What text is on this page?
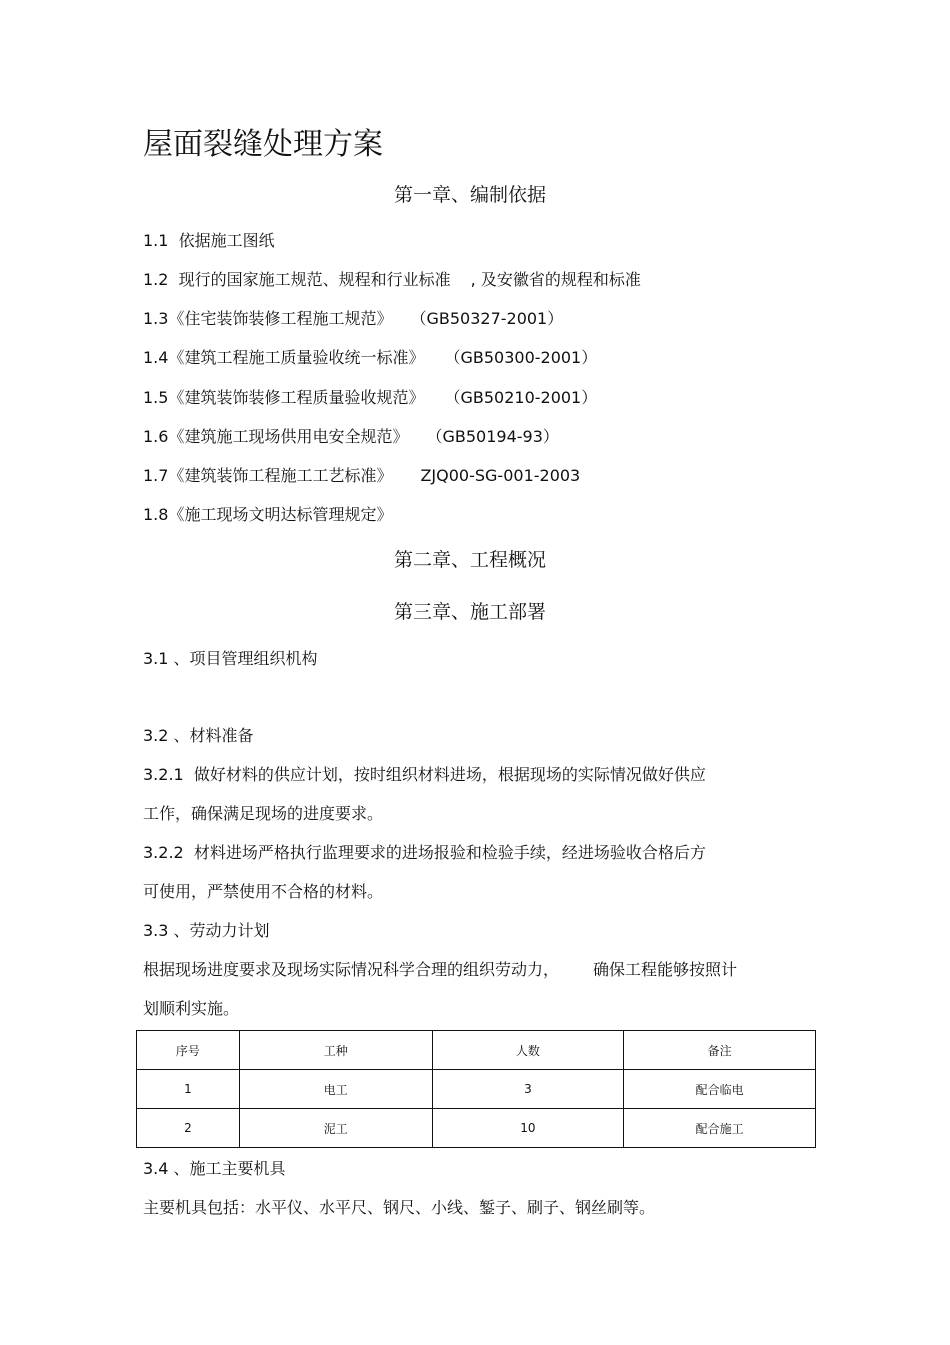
屋面裂缝处理方案
第一章、编制依据
1.1 依据施工图纸
1.2 现行的国家施工规范、规程和行业标准 , 及安徽省的规程和标准
1.3《住宅装饰装修工程施工规范》 （GB50327-2001）
1.4《建筑工程施工质量验收统一标准》 （GB50300-2001）
1.5《建筑装饰装修工程质量验收规范》 （GB50210-2001）
1.6《建筑施工现场供用电安全规范》 （GB50194-93）
1.7《建筑装饰工程施工工艺标准》 ZJQ00-SG-001-2003
1.8《施工现场文明达标管理规定》
第二章、工程概况
第三章、施工部署
3.1 、项目管理组织机构
3.2 、材料准备
3.2.1 做好材料的供应计划，按时组织材料进场，根据现场的实际情况做好供应
工作，确保满足现场的进度要求。
3.2.2 材料进场严格执行监理要求的进场报验和检验手续，经进场验收合格后方
可使用，严禁使用不合格的材料。
3.3 、劳动力计划
根据现场进度要求及现场实际情况科学合理的组织劳动力， 确保工程能够按照计
划顺利实施。
序号	工种	人数	备注
1	电工	3	配合临电
2	泥工	10	配合施工
3.4 、施工主要机具
主要机具包括：水平仪、水平尺、钢尺、小线、錾子、刷子、钢丝刷等。
